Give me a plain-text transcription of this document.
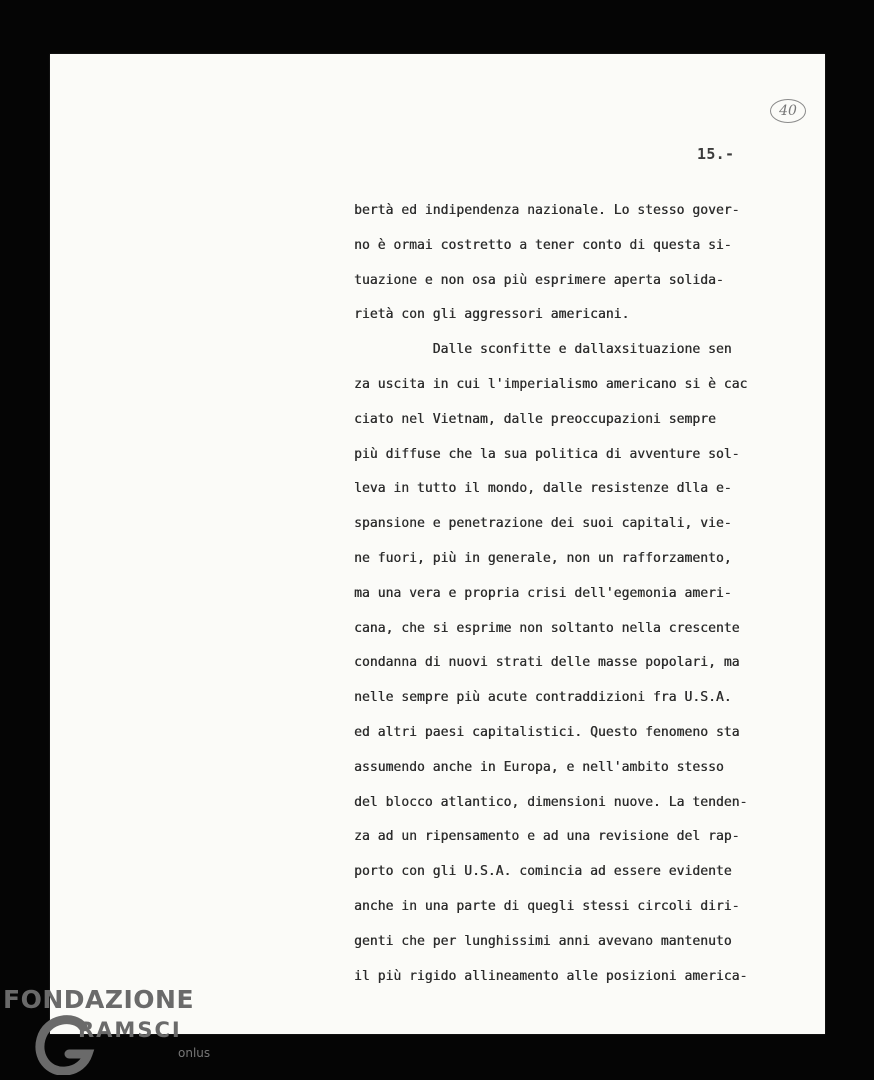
40
15.-
bertà ed indipendenza nazionale. Lo stesso gover-
no è ormai costretto a tener conto di questa si-
tuazione e non osa più esprimere aperta solida-
rietà con gli aggressori americani.
Dalle sconfitte e dallaxsituazione sen
za uscita in cui l'imperialismo americano si è cac
ciato nel Vietnam, dalle preoccupazioni sempre
più diffuse che la sua politica di avventure sol-
leva in tutto il mondo, dalle resistenze dlla e-
spansione e penetrazione dei suoi capitali, vie-
ne fuori, più in generale, non un rafforzamento,
ma una vera e propria crisi dell'egemonia ameri-
cana, che si esprime non soltanto nella crescente
condanna di nuovi strati delle masse popolari, ma
nelle sempre più acute contraddizioni fra U.S.A.
ed altri paesi capitalistici. Questo fenomeno sta
assumendo anche in Europa, e nell'ambito stesso
del blocco atlantico, dimensioni nuove. La tenden-
za ad un ripensamento e ad una revisione del rap-
porto con gli U.S.A. comincia ad essere evidente
anche in una parte di quegli stessi circoli diri-
genti che per lunghissimi anni avevano mantenuto
il più rigido allineamento alle posizioni america-
FONDAZIONE
RAMSCI
onlus
